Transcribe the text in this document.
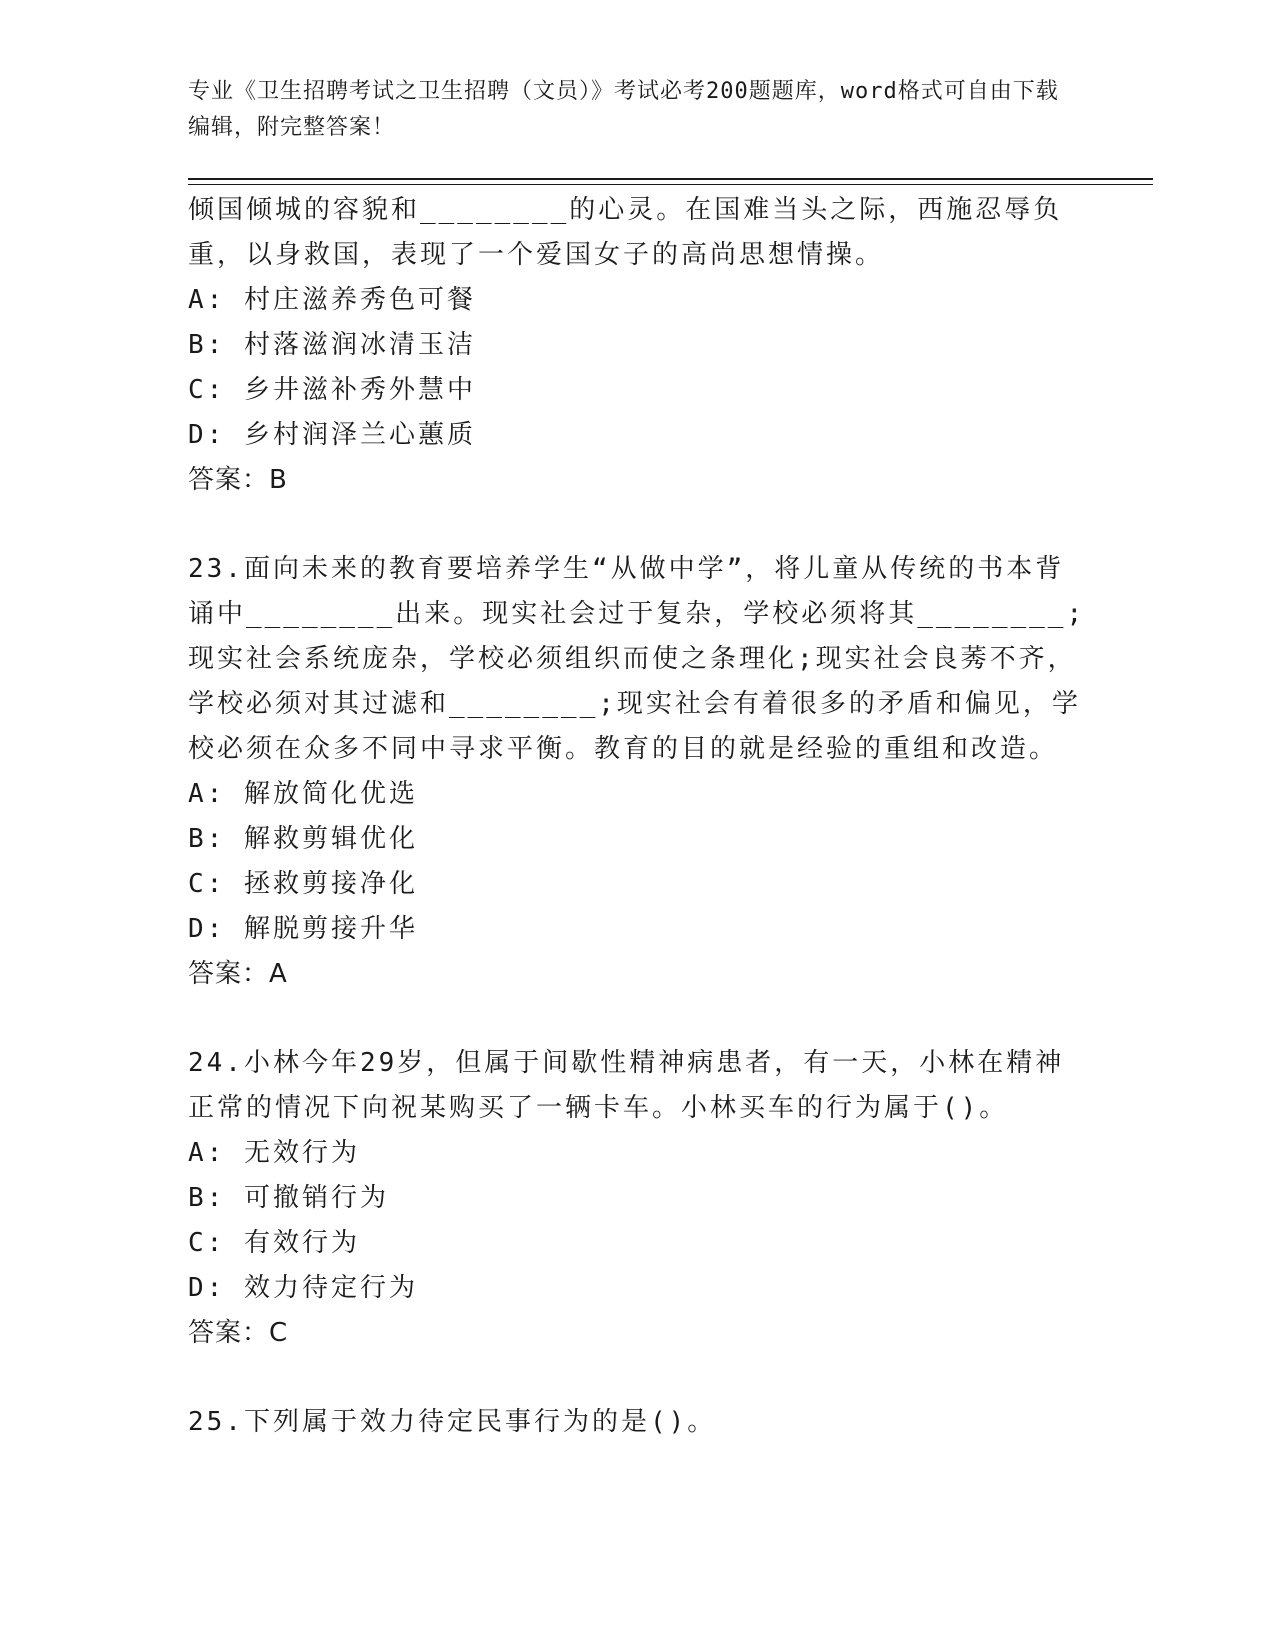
专业《卫生招聘考试之卫生招聘（文员）》考试必考200题题库，word格式可自由下载编辑，附完整答案！

倾国倾城的容貌和________的心灵。在国难当头之际，西施忍辱负重，以身救国，表现了一个爱国女子的高尚思想情操。

A: 村庄滋养秀色可餐

B: 村落滋润冰清玉洁

C: 乡井滋补秀外慧中

D: 乡村润泽兰心蕙质

答案：B

23.面向未来的教育要培养学生“从做中学”，将儿童从传统的书本背诵中________出来。现实社会过于复杂，学校必须将其________;现实社会系统庞杂，学校必须组织而使之条理化;现实社会良莠不齐，学校必须对其过滤和________;现实社会有着很多的矛盾和偏见，学校必须在众多不同中寻求平衡。教育的目的就是经验的重组和改造。

A: 解放简化优选

B: 解救剪辑优化

C: 拯救剪接净化

D: 解脱剪接升华

答案：A

24.小林今年29岁，但属于间歇性精神病患者，有一天，小林在精神正常的情况下向祝某购买了一辆卡车。小林买车的行为属于()。

A: 无效行为

B: 可撤销行为

C: 有效行为

D: 效力待定行为

答案：C

25.下列属于效力待定民事行为的是()。
